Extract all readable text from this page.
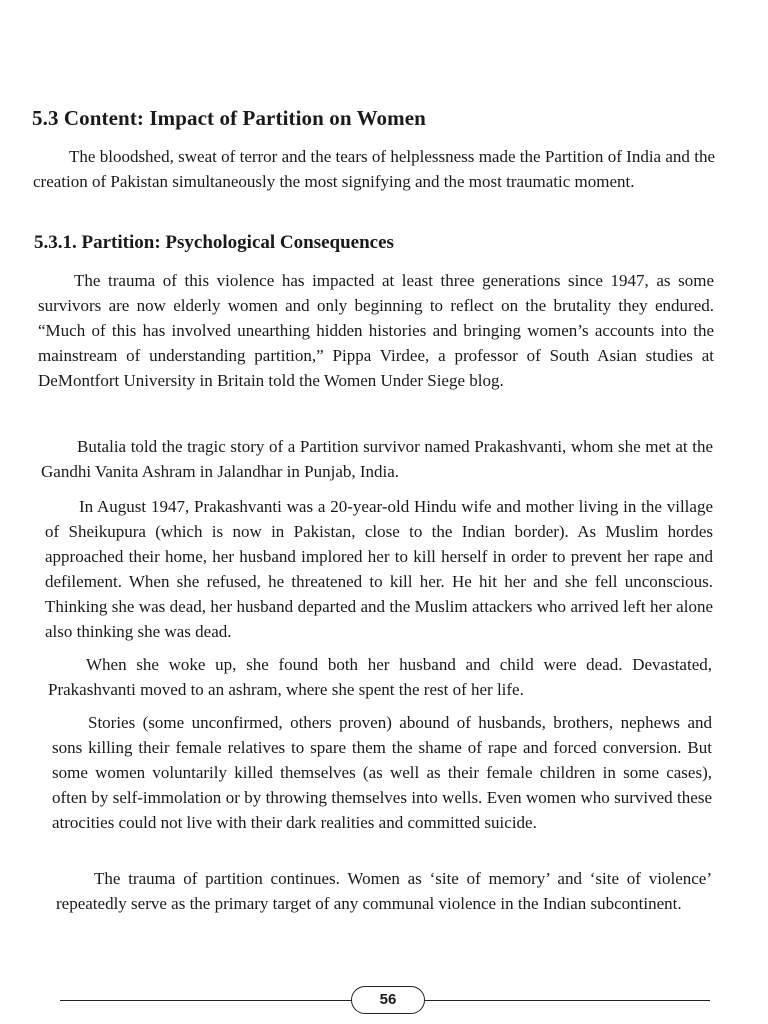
5.3 Content: Impact of Partition on Women

The bloodshed, sweat of terror and the tears of helplessness made the Partition of India and the creation of Pakistan simultaneously the most signifying and the most traumatic moment.

5.3.1. Partition: Psychological Consequences

The trauma of this violence has impacted at least three generations since 1947, as some survivors are now elderly women and only beginning to reflect on the brutality they endured. “Much of this has involved unearthing hidden histories and bringing women’s accounts into the mainstream of understanding partition,” Pippa Virdee, a professor of South Asian studies at DeMontfort University in Britain told the Women Under Siege blog.

Butalia told the tragic story of a Partition survivor named Prakashvanti, whom she met at the Gandhi Vanita Ashram in Jalandhar in Punjab, India.

In August 1947, Prakashvanti was a 20-year-old Hindu wife and mother living in the village of Sheikupura (which is now in Pakistan, close to the Indian border). As Muslim hordes approached their home, her husband implored her to kill herself in order to prevent her rape and defilement. When she refused, he threatened to kill her. He hit her and she fell unconscious. Thinking she was dead, her husband departed and the Muslim attackers who arrived left her alone also thinking she was dead.

When she woke up, she found both her husband and child were dead. Devastated, Prakashvanti moved to an ashram, where she spent the rest of her life.

Stories (some unconfirmed, others proven) abound of husbands, brothers, nephews and sons killing their female relatives to spare them the shame of rape and forced conversion. But some women voluntarily killed themselves (as well as their female children in some cases), often by self-immolation or by throwing themselves into wells. Even women who survived these atrocities could not live with their dark realities and committed suicide.

The trauma of partition continues. Women as ‘site of memory’ and ‘site of violence’ repeatedly serve as the primary target of any communal violence in the Indian subcontinent.

56
